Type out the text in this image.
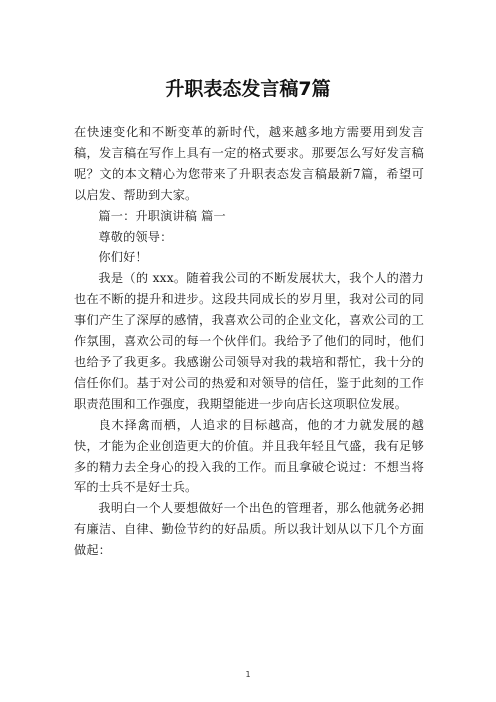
升职表态发言稿7篇

在快速变化和不断变革的新时代，越来越多地方需要用到发言稿，发言稿在写作上具有一定的格式要求。那要怎么写好发言稿呢？文的本文精心为您带来了升职表态发言稿最新7篇，希望可以启发、帮助到大家。

篇一：升职演讲稿 篇一

尊敬的领导：

你们好！

我是（的 xxx。随着我公司的不断发展状大，我个人的潜力也在不断的提升和进步。这段共同成长的岁月里，我对公司的同事们产生了深厚的感情，我喜欢公司的企业文化，喜欢公司的工作氛围，喜欢公司的每一个伙伴们。我给予了他们的同时，他们也给予了我更多。我感谢公司领导对我的栽培和帮忙，我十分的信任你们。基于对公司的热爱和对领导的信任，鉴于此刻的工作职责范围和工作强度，我期望能进一步向店长这项职位发展。

良木择禽而栖，人追求的目标越高，他的才力就发展的越快，才能为企业创造更大的价值。并且我年轻且气盛，我有足够多的精力去全身心的投入我的工作。而且拿破仑说过：不想当将军的士兵不是好士兵。

我明白一个人要想做好一个出色的管理者，那么他就务必拥有廉洁、自律、勤俭节约的好品质。所以我计划从以下几个方面做起：

1
